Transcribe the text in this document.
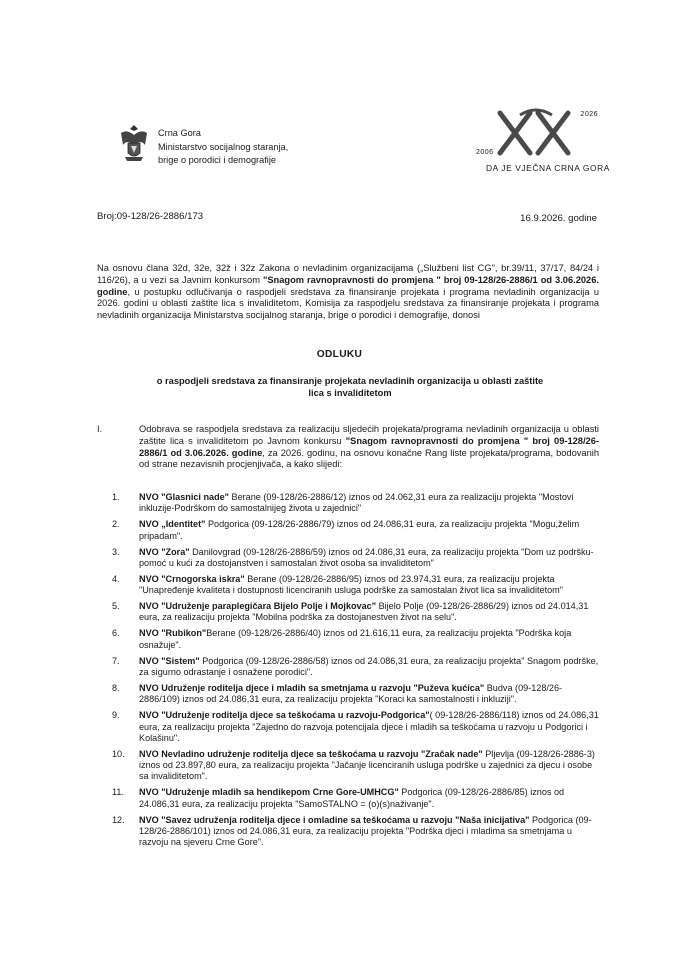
Crna Gora
Ministarstvo socijalnog staranja,
brige o porodici i demografije
2006
2026
DA JE VJEČNA CRNA GORA
Broj:09-128/26-2886/173	16.9.2026. godine
Na osnovu člana 32d, 32e, 32ž i 32z Zakona o nevladinim organizacijama („Službeni list CG", br.39/11, 37/17, 84/24 i 116/26), a u vezi sa Javnim konkursom "Snagom ravnopravnosti do promjena " broj 09-128/26-2886/1 od 3.06.2026. godine, u postupku odlučivanja o raspodjeli sredstava za finansiranje projekata i programa nevladinih organizacija u 2026. godini u oblasti zaštite lica s invaliditetom, Komisija za raspodjelu sredstava za finansiranje projekata i programa nevladinih organizacija Ministarstva socijalnog staranja, brige o porodici i demografije, donosi
ODLUKU
o raspodjeli sredstava za finansiranje projekata nevladinih organizacija u oblasti zaštite lica s invaliditetom
I.	Odobrava se raspodjela sredstava za realizaciju sljedećih projekata/programa nevladinih organizacija u oblasti zaštite lica s invaliditetom po Javnom konkursu "Snagom ravnopravnosti do promjena " broj 09-128/26-2886/1 od 3.06.2026. godine, za 2026. godinu, na osnovu konačne Rang liste projekata/programa, bodovanih od strane nezavisnih procjenjivača, a kako slijedi:
1.	NVO "Glasnici nade" Berane (09-128/26-2886/12) iznos od 24.062,31 eura za realizaciju projekta "Mostovi inkluzije-Podrškom do samostalnijeg života u zajednici"
2.	NVO „Identitet" Podgorica (09-128/26-2886/79) iznos od 24.086,31 eura, za realizaciju projekta "Mogu,želim pripadam".
3.	NVO "Zora" Danilovgrad (09-128/26-2886/59) iznos od 24.086,31 eura, za realizaciju projekta "Dom uz podršku- pomoć u kući za dostojanstven i samostalan život osoba sa invaliditetom"
4.	NVO "Crnogorska iskra" Berane (09-128/26-2886/95) iznos od 23.974,31 eura, za realizaciju projekta "Unapređenje kvaliteta i dostupnosti licenciranih usluga podrške za samostalan život lica sa invaliditetom"
5.	NVO "Udruženje paraplegičara Bijelo Polje i Mojkovac" Bijelo Polje (09-128/26-2886/29) iznos od 24.014,31 eura, za realizaciju projekta "Mobilna podrška za dostojanestven život na selu".
6.	NVO "Rubikon"Berane (09-128/26-2886/40) iznos od 21.616,11 eura, za realizaciju projekta "Podrška koja osnažuje".
7.	NVO "Sistem" Podgorica (09-128/26-2886/58) iznos od 24.086,31 eura, za realizaciju projekta" Snagom podrške, za sigurno odrastanje i osnažene porodici".
8.	NVO Udruženje roditelja djece i mladih sa smetnjama u razvoju "Puževa kućica" Budva (09-128/26-2886/109) iznos od 24.086,31 eura, za realizaciju projekta "Koraci ka samostalnosti i inkluziji".
9.	NVO "Udruženje roditelja djece sa teškoćama u razvoju-Podgorica"( 09-128/26-2886/118) iznos od 24.086,31 eura, za realizaciju projekta "Zajedno do razvoja potencijala djece i mladih sa teškoćama u razvoju u Podgorici i Kolašinu".
10.	NVO Nevladino udruženje roditelja djece sa teškoćama u razvoju "Zračak nade" Pljevlja (09-128/26-2886-3) iznos od 23.897,80 eura, za realizaciju projekta "Jačanje licenciranih usluga podrške u zajednici za djecu i osobe sa invaliditetom".
11.	NVO "Udruženje mladih sa hendikepom Crne Gore-UMHCG" Podgorica (09-128/26-2886/85) iznos od 24.086,31 eura, za realizaciju projekta "SamoSTALNO = (o)(s)naživanje".
12.	NVO "Savez udruženja roditelja djece i omladine sa teškoćama u razvoju "Naša inicijativa" Podgorica (09-128/26-2886/101) iznos od 24.086,31 eura, za realizaciju projekta "Podrška djeci i mladima sa smetnjama u razvoju na sjeveru Crne Gore".
